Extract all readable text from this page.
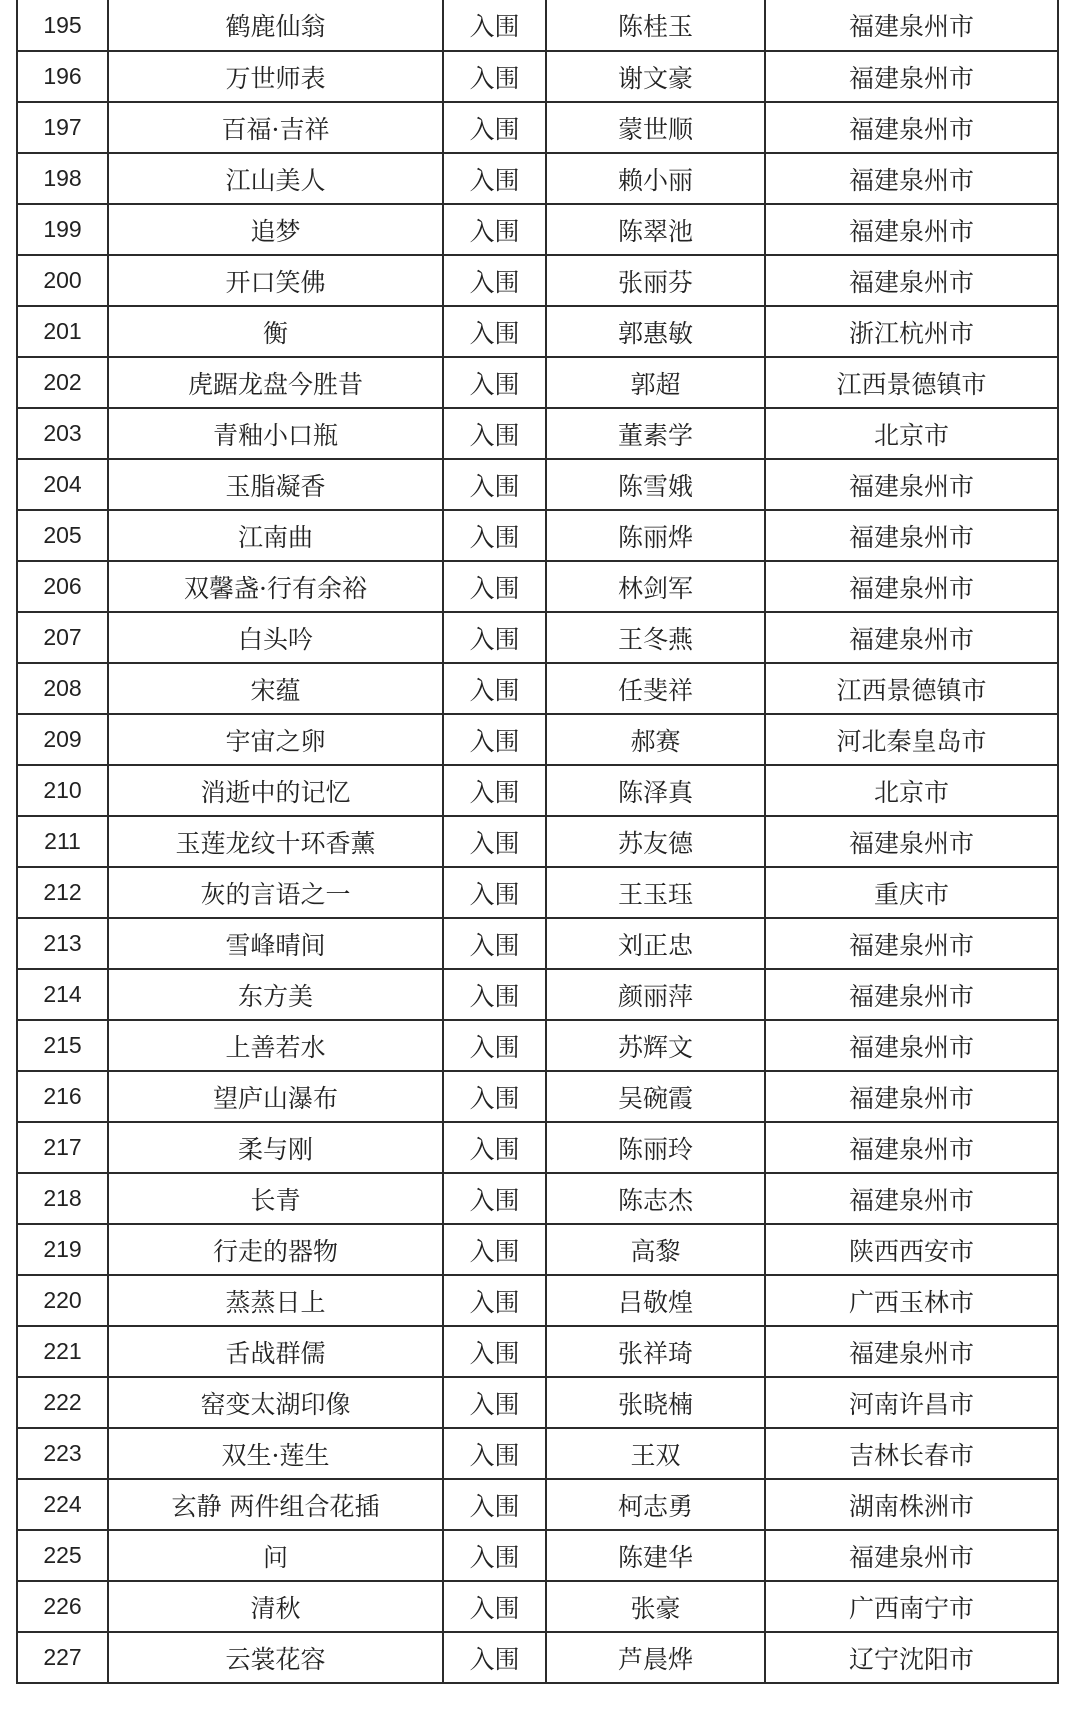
195	鹤鹿仙翁	入围	陈桂玉	福建泉州市
196	万世师表	入围	谢文豪	福建泉州市
197	百福·吉祥	入围	蒙世顺	福建泉州市
198	江山美人	入围	赖小丽	福建泉州市
199	追梦	入围	陈翠池	福建泉州市
200	开口笑佛	入围	张丽芬	福建泉州市
201	衡	入围	郭惠敏	浙江杭州市
202	虎踞龙盘今胜昔	入围	郭超	江西景德镇市
203	青釉小口瓶	入围	董素学	北京市
204	玉脂凝香	入围	陈雪娥	福建泉州市
205	江南曲	入围	陈丽烨	福建泉州市
206	双馨盏·行有余裕	入围	林剑军	福建泉州市
207	白头吟	入围	王冬燕	福建泉州市
208	宋蕴	入围	任斐祥	江西景德镇市
209	宇宙之卵	入围	郝赛	河北秦皇岛市
210	消逝中的记忆	入围	陈泽真	北京市
211	玉莲龙纹十环香薰	入围	苏友德	福建泉州市
212	灰的言语之一	入围	王玉珏	重庆市
213	雪峰晴间	入围	刘正忠	福建泉州市
214	东方美	入围	颜丽萍	福建泉州市
215	上善若水	入围	苏辉文	福建泉州市
216	望庐山瀑布	入围	吴碗霞	福建泉州市
217	柔与刚	入围	陈丽玲	福建泉州市
218	长青	入围	陈志杰	福建泉州市
219	行走的器物	入围	高黎	陕西西安市
220	蒸蒸日上	入围	吕敬煌	广西玉林市
221	舌战群儒	入围	张祥琦	福建泉州市
222	窑变太湖印像	入围	张晓楠	河南许昌市
223	双生·莲生	入围	王双	吉林长春市
224	玄静 两件组合花插	入围	柯志勇	湖南株洲市
225	问	入围	陈建华	福建泉州市
226	清秋	入围	张豪	广西南宁市
227	云裳花容	入围	芦晨烨	辽宁沈阳市
